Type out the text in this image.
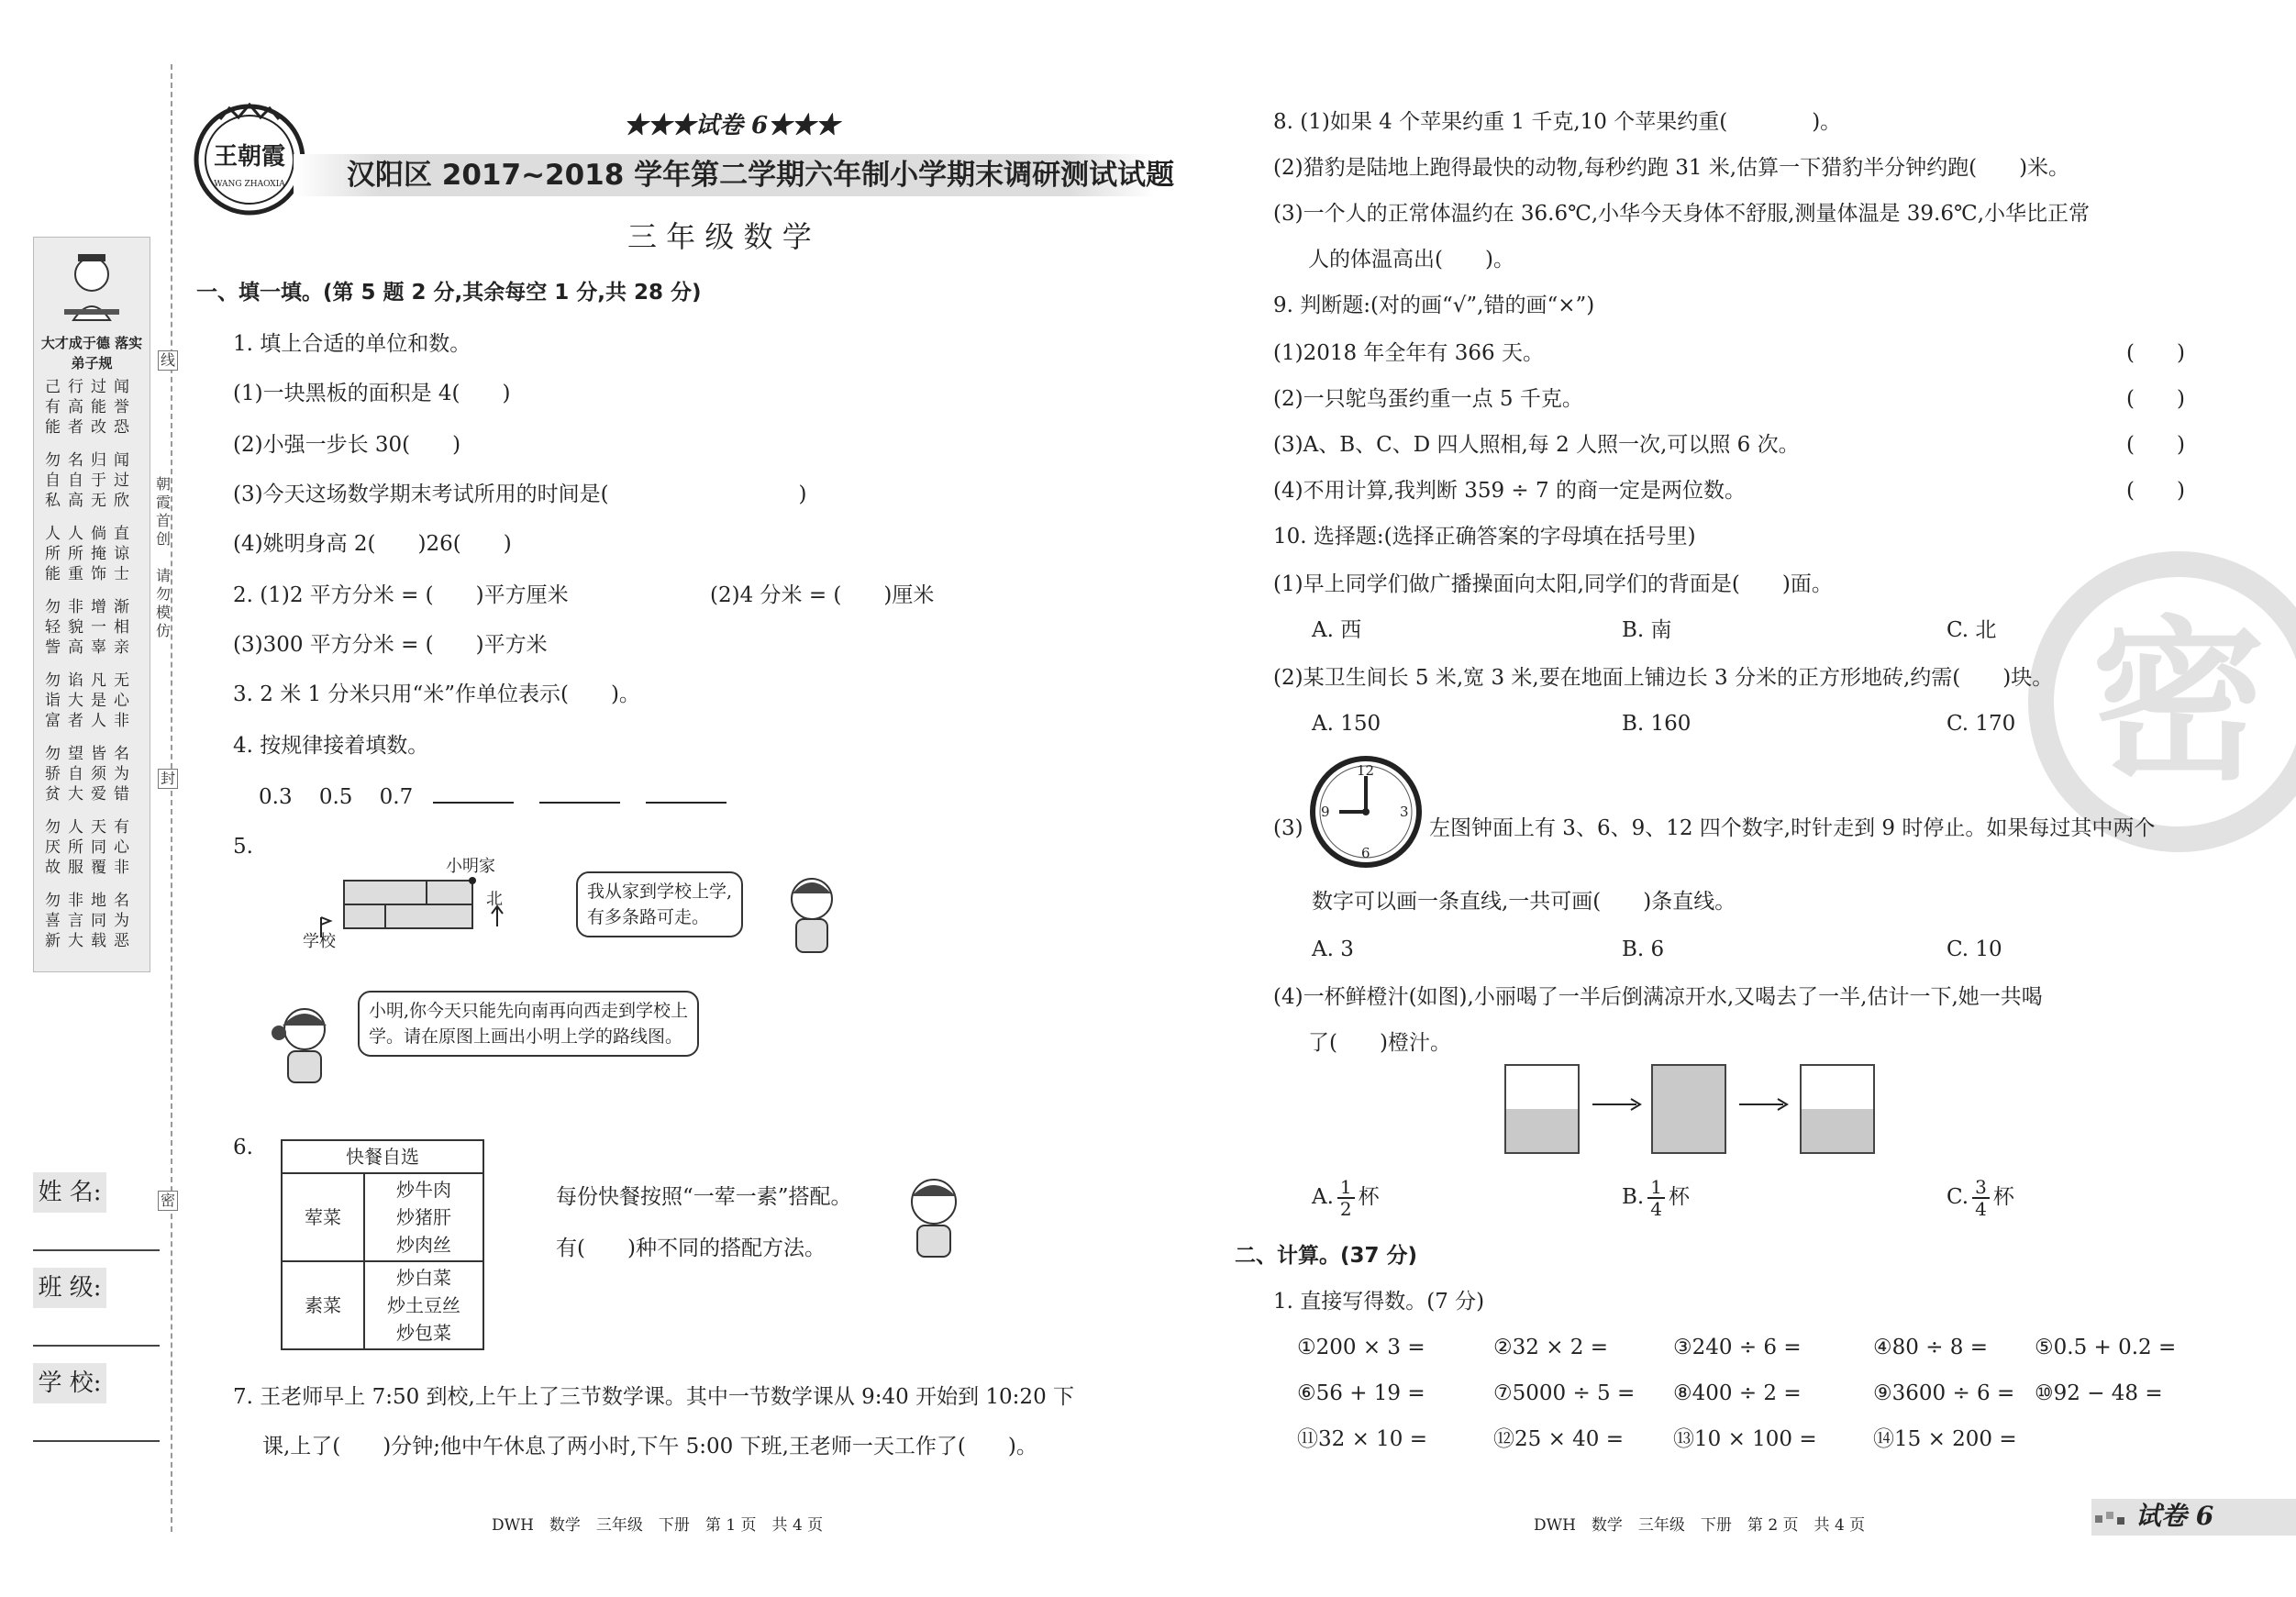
大才成于德 落实弟子规
己行过闻
有高能誉
能者改恐
勿名归闻
自自于过
私高无欣
人人倘直
所所掩谅
能重饰士
勿非增渐
轻貌一相
訾高辜亲
勿谄凡无
诣大是心
富者人非
勿望皆名
骄自须为
贫大爱错
勿人天有
厌所同心
故服覆非
勿非地名
喜言同为
新大载恶
线
封
密
朝霞首创
请勿模仿
姓 名:
班 级:
学 校:
王朝霞
WANG ZHAOXIA
★★★试卷 6★★★
汉阳区 2017~2018 学年第二学期六年制小学期末调研测试试题
三 年 级 数 学
一、填一填。(第 5 题 2 分,其余每空 1 分,共 28 分)
1. 填上合适的单位和数。
(1)一块黑板的面积是 4(　　)
(2)小强一步长 30(　　)
(3)今天这场数学期末考试所用的时间是(　　　　　　　　　)
(4)姚明身高 2(　　)26(　　)
2. (1)2 平方分米 = (　　)平方厘米	(2)4 分米 = (　　)厘米
(3)300 平方分米 = (　　)平方米
3. 2 米 1 分米只用“米”作单位表示(　　)。
4. 按规律接着填数。
0.3 0.5 0.7
5.
小明家
北
学校
我从家到学校上学,
有多条路可走。
小明,你今天只能先向南再向西走到学校上
学。请在原图上画出小明上学的路线图。
6.	快餐自选	
荤菜	炒牛肉
炒猪肝
炒肉丝

素菜	炒白菜
炒土豆丝
炒包菜
每份快餐按照“一荤一素”搭配。
有(　　)种不同的搭配方法。
7. 王老师早上 7:50 到校,上午上了三节数学课。其中一节数学课从 9:40 开始到 10:20 下
课,上了(　　)分钟;他中午休息了两小时,下午 5:00 下班,王老师一天工作了(　　)。
DWH　数学　三年级　下册　第 1 页　共 4 页
密
8. (1)如果 4 个苹果约重 1 千克,10 个苹果约重(　　　　)。
(2)猎豹是陆地上跑得最快的动物,每秒约跑 31 米,估算一下猎豹半分钟约跑(　　)米。
(3)一个人的正常体温约在 36.6℃,小华今天身体不舒服,测量体温是 39.6℃,小华比正常
人的体温高出(　　)。
9. 判断题:(对的画“√”,错的画“×”)
(1)2018 年全年有 366 天。	(　　)
(2)一只鸵鸟蛋约重一点 5 千克。	(　　)
(3)A、B、C、D 四人照相,每 2 人照一次,可以照 6 次。	(　　)
(4)不用计算,我判断 359 ÷ 7 的商一定是两位数。	(　　)
10. 选择题:(选择正确答案的字母填在括号里)
(1)早上同学们做广播操面向太阳,同学们的背面是(　　)面。
A. 西	B. 南	C. 北
(2)某卫生间长 5 米,宽 3 米,要在地面上铺边长 3 分米的正方形地砖,约需(　　)块。
A. 150	B. 160	C. 170
(3)
12
3
6
9
左图钟面上有 3、6、9、12 四个数字,时针走到 9 时停止。如果每过其中两个
数字可以画一条直线,一共可画(　　)条直线。
A. 3	B. 6	C. 10
(4)一杯鲜橙汁(如图),小丽喝了一半后倒满凉开水,又喝去了一半,估计一下,她一共喝
了(　　)橙汁。
A. $\frac{1}{2}$ 杯	B. $\frac{1}{4}$ 杯	C. $\frac{3}{4}$ 杯
二、计算。(37 分)
1. 直接写得数。(7 分)
①200 × 3 =	②32 × 2 =	③240 ÷ 6 =	④80 ÷ 8 = ⑤0.5 + 0.2 =
⑥56 + 19 =	⑦5000 ÷ 5 = ⑧400 ÷ 2 =	⑨3600 ÷ 6 = ⑩92 − 48 =
⑪32 × 10 =	⑫25 × 40 = ⑬10 × 100 =	⑭15 × 200 =
DWH　数学　三年级　下册　第 2 页　共 4 页	试卷 6
